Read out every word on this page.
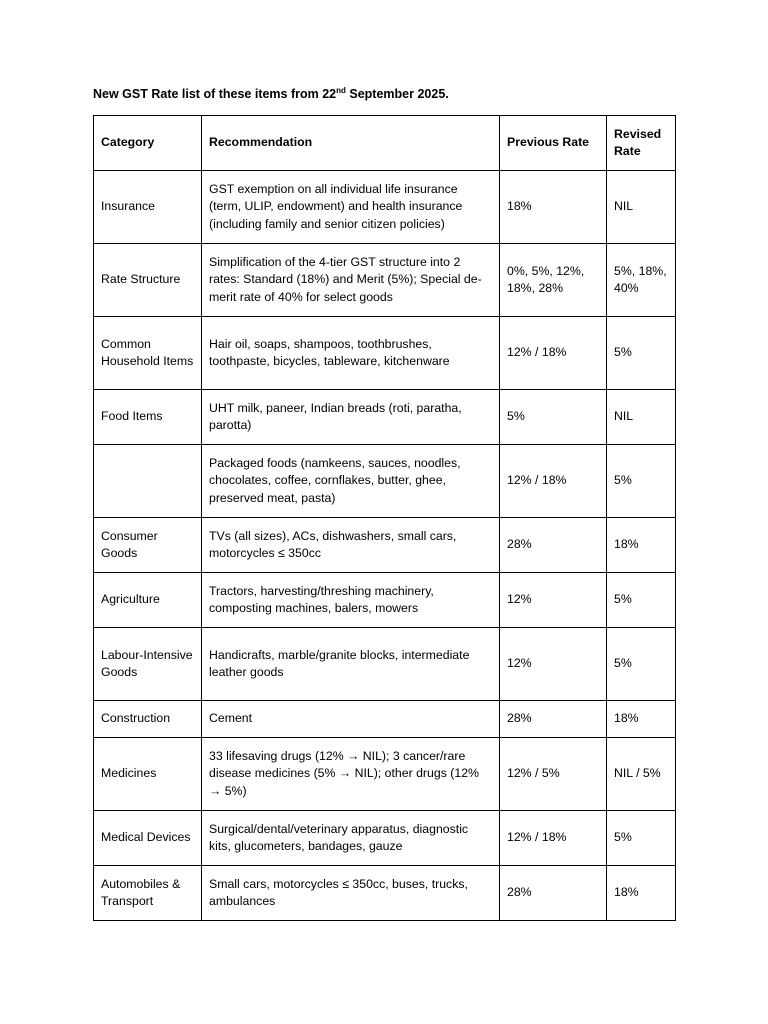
New GST Rate list of these items from 22nd September 2025.
Category	Recommendation	Previous Rate	Revised Rate
Insurance	GST exemption on all individual life insurance (term, ULIP, endowment) and health insurance (including family and senior citizen policies)	18%	NIL
Rate Structure	Simplification of the 4-tier GST structure into 2 rates: Standard (18%) and Merit (5%); Special de-merit rate of 40% for select goods	0%, 5%, 12%, 18%, 28%	5%, 18%, 40%
Common Household Items	Hair oil, soaps, shampoos, toothbrushes, toothpaste, bicycles, tableware, kitchenware	12% / 18%	5%
Food Items	UHT milk, paneer, Indian breads (roti, paratha, parotta)	5%	NIL
	Packaged foods (namkeens, sauces, noodles, chocolates, coffee, cornflakes, butter, ghee, preserved meat, pasta)	12% / 18%	5%
Consumer Goods	TVs (all sizes), ACs, dishwashers, small cars, motorcycles ≤ 350cc	28%	18%
Agriculture	Tractors, harvesting/threshing machinery, composting machines, balers, mowers	12%	5%
Labour-Intensive Goods	Handicrafts, marble/granite blocks, intermediate leather goods	12%	5%
Construction	Cement	28%	18%
Medicines	33 lifesaving drugs (12% → NIL); 3 cancer/rare disease medicines (5% → NIL); other drugs (12% → 5%)	12% / 5%	NIL / 5%
Medical Devices	Surgical/dental/veterinary apparatus, diagnostic kits, glucometers, bandages, gauze	12% / 18%	5%
Automobiles & Transport	Small cars, motorcycles ≤ 350cc, buses, trucks, ambulances	28%	18%
